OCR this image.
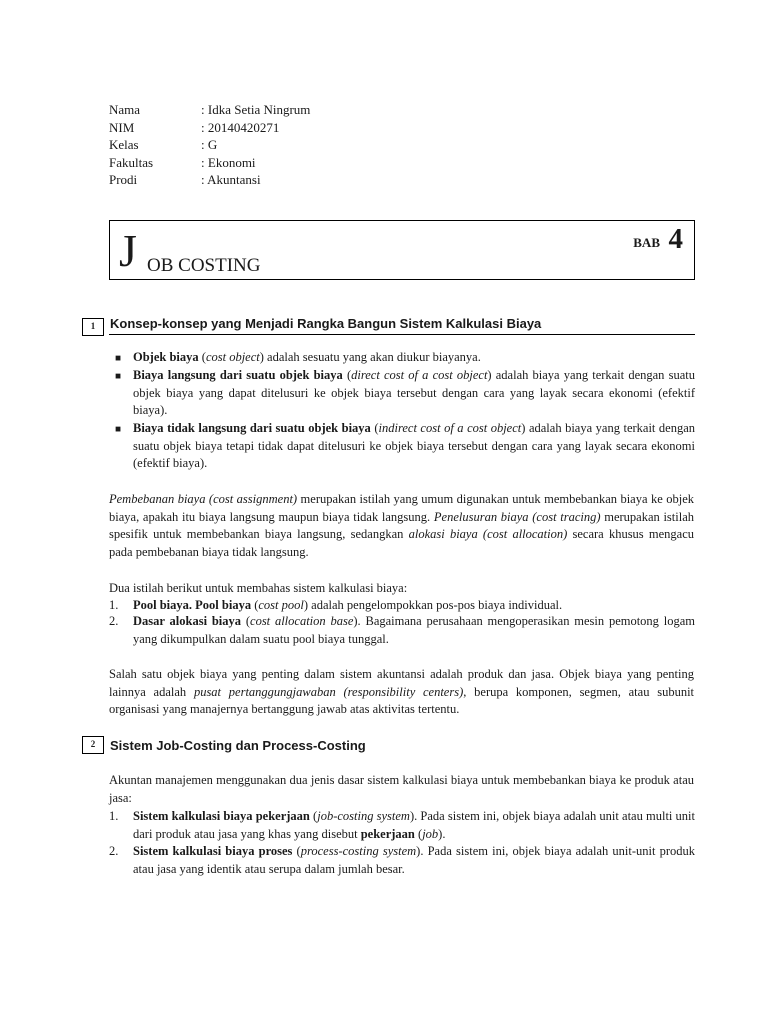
Nama	: Idka Setia Ningrum
NIM	: 20140420271
Kelas	: G
Fakultas	: Ekonomi
Prodi	: Akuntansi
J OB COSTING
BAB 4
1	Konsep-konsep yang Menjadi Rangka Bangun Sistem Kalkulasi Biaya
■ Objek biaya (cost object) adalah sesuatu yang akan diukur biayanya.
■ Biaya langsung dari suatu objek biaya (direct cost of a cost object) adalah biaya yang terkait dengan suatu objek biaya yang dapat ditelusuri ke objek biaya tersebut dengan cara yang layak secara ekonomi (efektif biaya).
■ Biaya tidak langsung dari suatu objek biaya (indirect cost of a cost object) adalah biaya yang terkait dengan suatu objek biaya tetapi tidak dapat ditelusuri ke objek biaya tersebut dengan cara yang layak secara ekonomi (efektif biaya).
Pembebanan biaya (cost assignment) merupakan istilah yang umum digunakan untuk membebankan biaya ke objek biaya, apakah itu biaya langsung maupun biaya tidak langsung. Penelusuran biaya (cost tracing) merupakan istilah spesifik untuk membebankan biaya langsung, sedangkan alokasi biaya (cost allocation) secara khusus mengacu pada pembebanan biaya tidak langsung.
Dua istilah berikut untuk membahas sistem kalkulasi biaya:
1. Pool biaya. Pool biaya (cost pool) adalah pengelompokkan pos-pos biaya individual.
2. Dasar alokasi biaya (cost allocation base). Bagaimana perusahaan mengoperasikan mesin pemotong logam yang dikumpulkan dalam suatu pool biaya tunggal.
Salah satu objek biaya yang penting dalam sistem akuntansi adalah produk dan jasa. Objek biaya yang penting lainnya adalah pusat pertanggungjawaban (responsibility centers), berupa komponen, segmen, atau subunit organisasi yang manajernya bertanggung jawab atas aktivitas tertentu.
2	Sistem Job-Costing dan Process-Costing
Akuntan manajemen menggunakan dua jenis dasar sistem kalkulasi biaya untuk membebankan biaya ke produk atau jasa:
1. Sistem kalkulasi biaya pekerjaan (job-costing system). Pada sistem ini, objek biaya adalah unit atau multi unit dari produk atau jasa yang khas yang disebut pekerjaan (job).
2. Sistem kalkulasi biaya proses (process-costing system). Pada sistem ini, objek biaya adalah unit-unit produk atau jasa yang identik atau serupa dalam jumlah besar.
